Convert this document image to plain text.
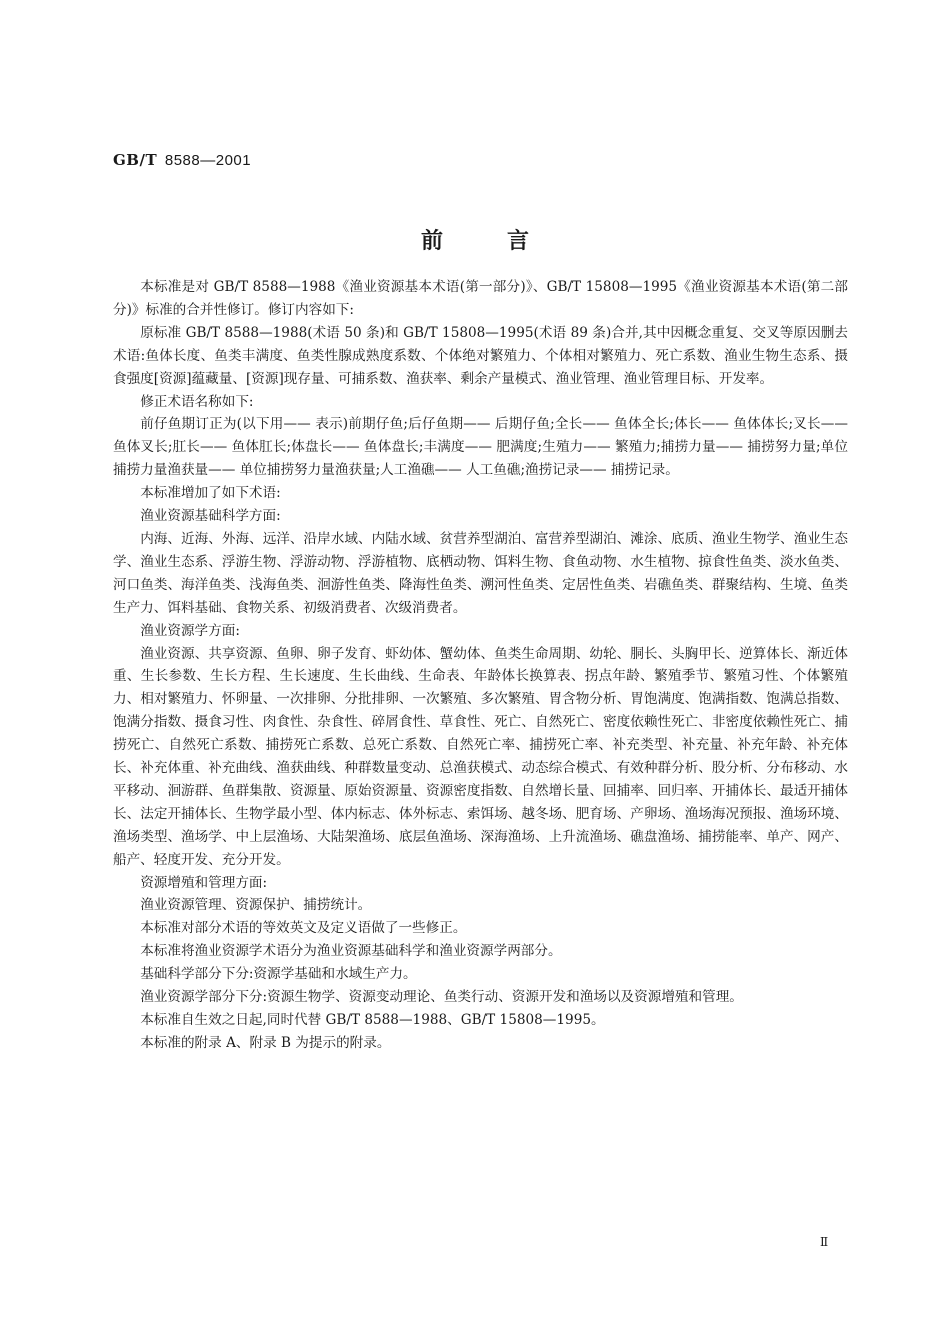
GB/T 8588—2001
前言

本标准是对 GB/T 8588—1988《渔业资源基本术语(第一部分)》、GB/T 15808—1995《渔业资源基本术语(第二部分)》标准的合并性修订。修订内容如下:

原标准 GB/T 8588—1988(术语 50 条)和 GB/T 15808—1995(术语 89 条)合并,其中因概念重复、交叉等原因删去术语:鱼体长度、鱼类丰满度、鱼类性腺成熟度系数、个体绝对繁殖力、个体相对繁殖力、死亡系数、渔业生物生态系、摄食强度[资源]蕴藏量、[资源]现存量、可捕系数、渔获率、剩余产量模式、渔业管理、渔业管理目标、开发率。

修正术语名称如下:

前仔鱼期订正为(以下用—— 表示)前期仔鱼;后仔鱼期—— 后期仔鱼;全长—— 鱼体全长;体长—— 鱼体体长;叉长—— 鱼体叉长;肛长—— 鱼体肛长;体盘长—— 鱼体盘长;丰满度—— 肥满度;生殖力—— 繁殖力;捕捞力量—— 捕捞努力量;单位捕捞力量渔获量—— 单位捕捞努力量渔获量;人工渔礁—— 人工鱼礁;渔捞记录—— 捕捞记录。

本标准增加了如下术语:

渔业资源基础科学方面:

内海、近海、外海、远洋、沿岸水域、内陆水域、贫营养型湖泊、富营养型湖泊、滩涂、底质、渔业生物学、渔业生态学、渔业生态系、浮游生物、浮游动物、浮游植物、底栖动物、饵料生物、食鱼动物、水生植物、掠食性鱼类、淡水鱼类、河口鱼类、海洋鱼类、浅海鱼类、洄游性鱼类、降海性鱼类、溯河性鱼类、定居性鱼类、岩礁鱼类、群聚结构、生境、鱼类生产力、饵料基础、食物关系、初级消费者、次级消费者。

渔业资源学方面:

渔业资源、共享资源、鱼卵、卵子发育、虾幼体、蟹幼体、鱼类生命周期、幼轮、胴长、头胸甲长、逆算体长、渐近体重、生长参数、生长方程、生长速度、生长曲线、生命表、年龄体长换算表、拐点年龄、繁殖季节、繁殖习性、个体繁殖力、相对繁殖力、怀卵量、一次排卵、分批排卵、一次繁殖、多次繁殖、胃含物分析、胃饱满度、饱满指数、饱满总指数、饱满分指数、摄食习性、肉食性、杂食性、碎屑食性、草食性、死亡、自然死亡、密度依赖性死亡、非密度依赖性死亡、捕捞死亡、自然死亡系数、捕捞死亡系数、总死亡系数、自然死亡率、捕捞死亡率、补充类型、补充量、补充年龄、补充体长、补充体重、补充曲线、渔获曲线、种群数量变动、总渔获模式、动态综合模式、有效种群分析、股分析、分布移动、水平移动、洄游群、鱼群集散、资源量、原始资源量、资源密度指数、自然增长量、回捕率、回归率、开捕体长、最适开捕体长、法定开捕体长、生物学最小型、体内标志、体外标志、索饵场、越冬场、肥育场、产卵场、渔场海况预报、渔场环境、渔场类型、渔场学、中上层渔场、大陆架渔场、底层鱼渔场、深海渔场、上升流渔场、礁盘渔场、捕捞能率、单产、网产、船产、轻度开发、充分开发。

资源增殖和管理方面:

渔业资源管理、资源保护、捕捞统计。

本标准对部分术语的等效英文及定义语做了一些修正。

本标准将渔业资源学术语分为渔业资源基础科学和渔业资源学两部分。

基础科学部分下分:资源学基础和水域生产力。

渔业资源学部分下分:资源生物学、资源变动理论、鱼类行动、资源开发和渔场以及资源增殖和管理。

本标准自生效之日起,同时代替 GB/T 8588—1988、GB/T 15808—1995。

本标准的附录 A、附录 B 为提示的附录。

Ⅱ
